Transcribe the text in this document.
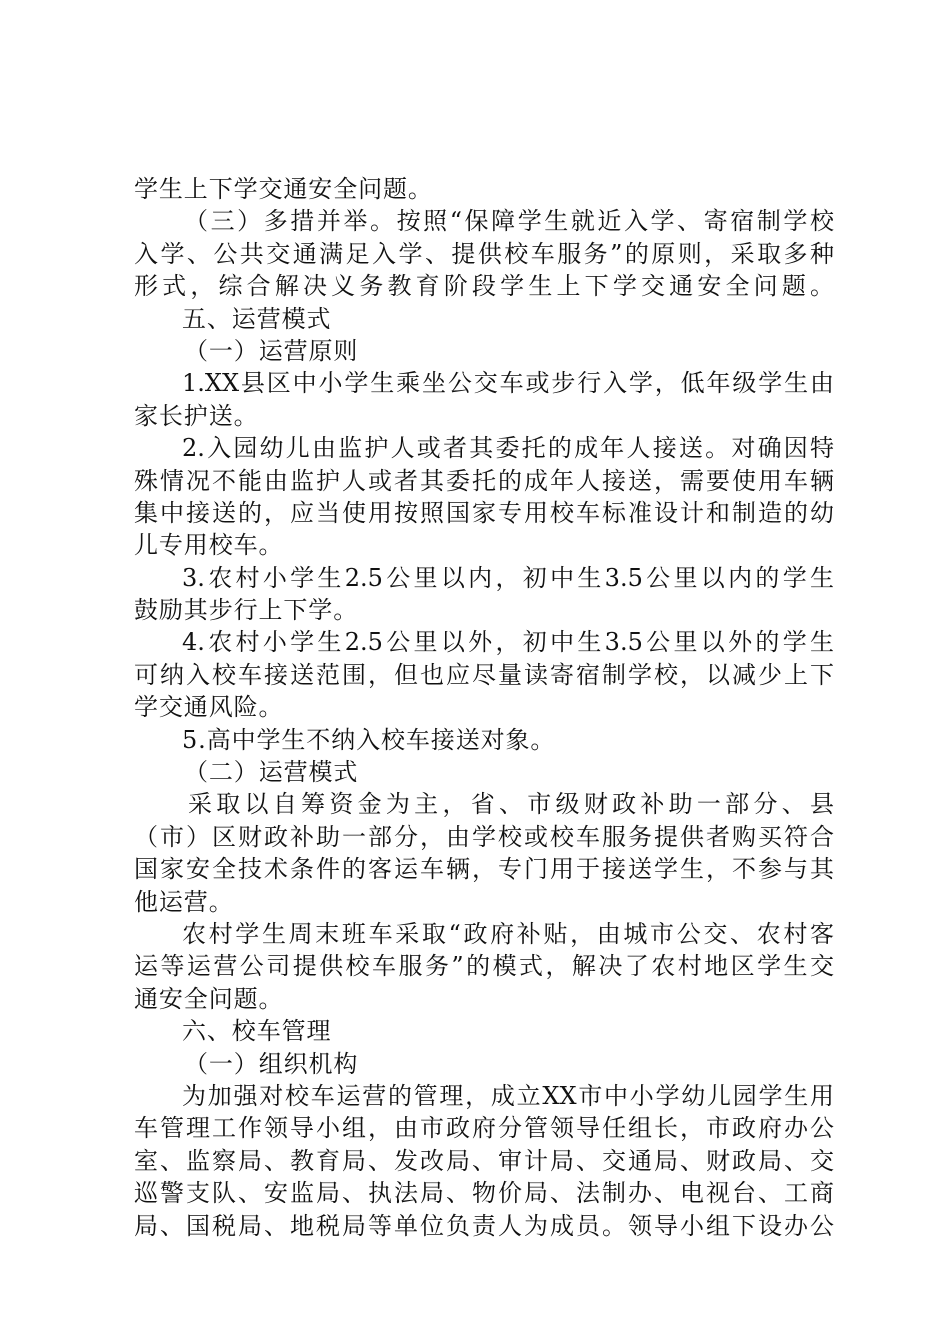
学生上下学交通安全问题。
（三）多措并举。按照“保障学生就近入学、寄宿制学校
入学、公共交通满足入学、提供校车服务”的原则，采取多种
形式，综合解决义务教育阶段学生上下学交通安全问题。
五、运营模式
（一）运营原则
1.XX县区中小学生乘坐公交车或步行入学，低年级学生由
家长护送。
2.入园幼儿由监护人或者其委托的成年人接送。对确因特
殊情况不能由监护人或者其委托的成年人接送，需要使用车辆
集中接送的，应当使用按照国家专用校车标准设计和制造的幼
儿专用校车。
3.农村小学生2.5公里以内，初中生3.5公里以内的学生
鼓励其步行上下学。
4.农村小学生2.5公里以外，初中生3.5公里以外的学生
可纳入校车接送范围，但也应尽量读寄宿制学校，以减少上下
学交通风险。
5.高中学生不纳入校车接送对象。
（二）运营模式
采取以自筹资金为主，省、市级财政补助一部分、县
（市）区财政补助一部分，由学校或校车服务提供者购买符合
国家安全技术条件的客运车辆，专门用于接送学生，不参与其
他运营。
农村学生周末班车采取“政府补贴，由城市公交、农村客
运等运营公司提供校车服务”的模式，解决了农村地区学生交
通安全问题。
六、校车管理
（一）组织机构
为加强对校车运营的管理，成立XX市中小学幼儿园学生用
车管理工作领导小组，由市政府分管领导任组长，市政府办公
室、监察局、教育局、发改局、审计局、交通局、财政局、交
巡警支队、安监局、执法局、物价局、法制办、电视台、工商
局、国税局、地税局等单位负责人为成员。领导小组下设办公
